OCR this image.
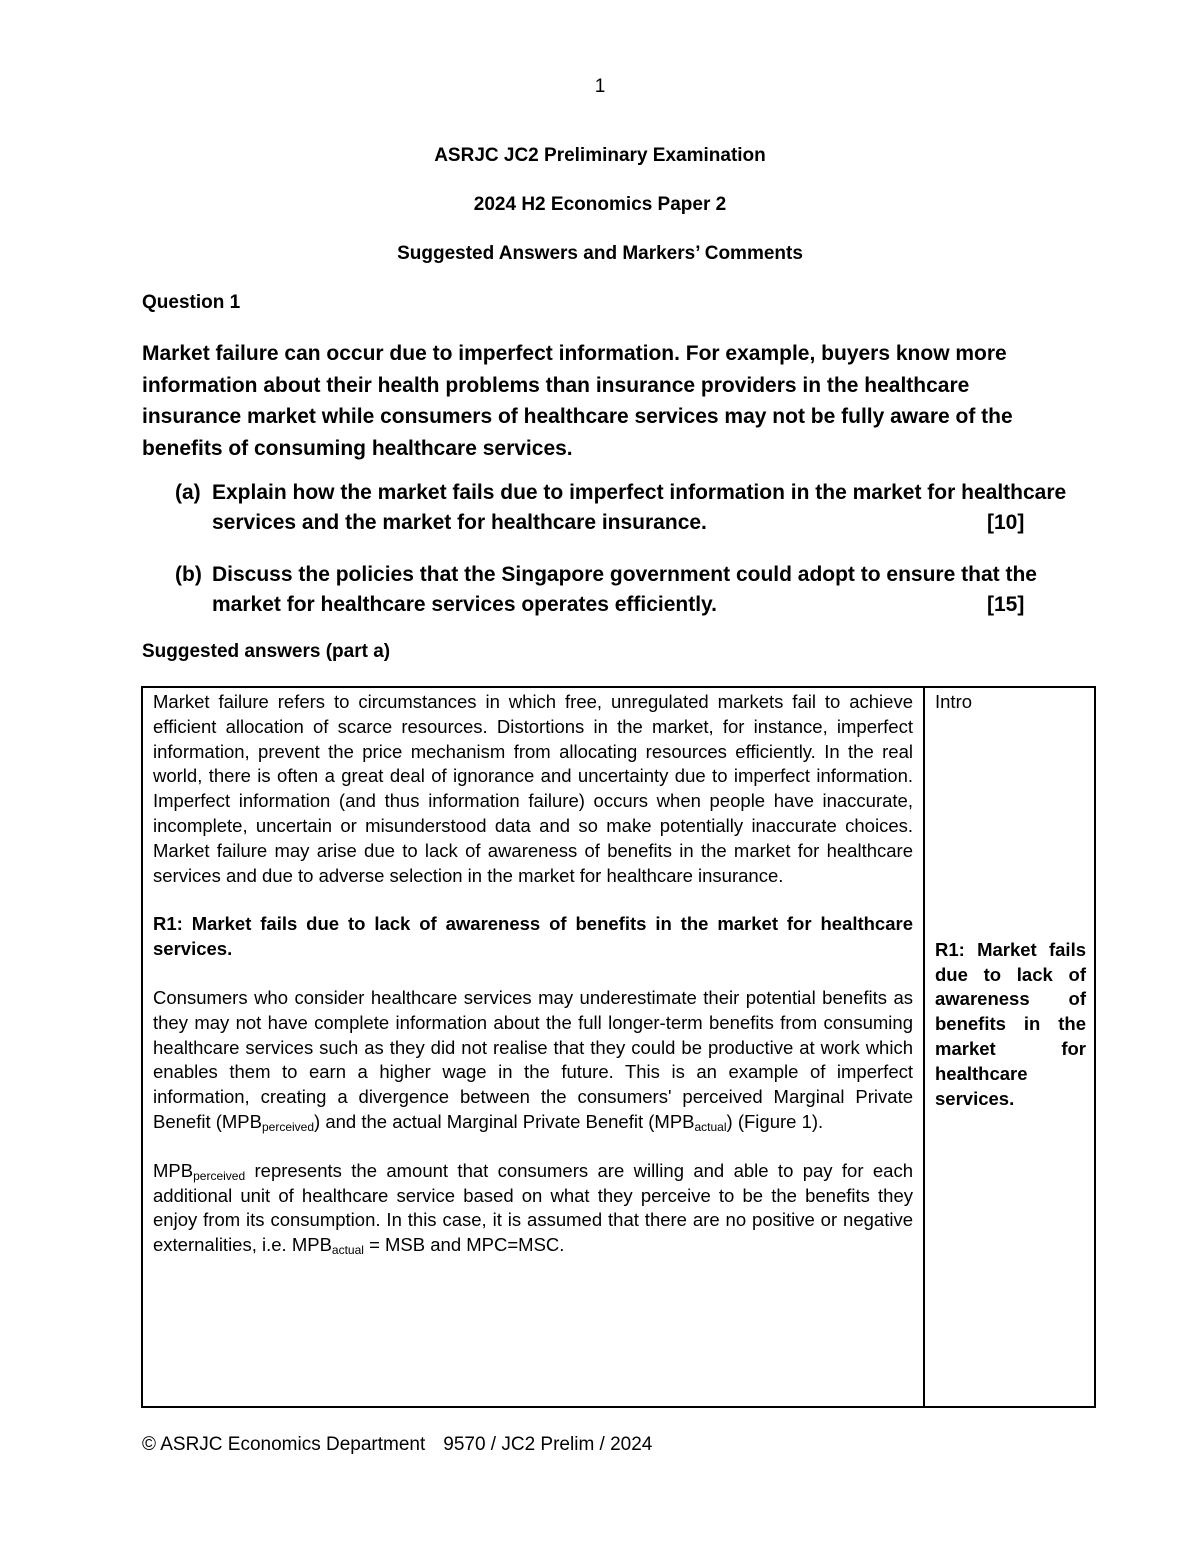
1
ASRJC JC2 Preliminary Examination
2024 H2 Economics Paper 2
Suggested Answers and Markers’ Comments
Question 1
Market failure can occur due to imperfect information. For example, buyers know more information about their health problems than insurance providers in the healthcare insurance market while consumers of healthcare services may not be fully aware of the benefits of consuming healthcare services.
(a) Explain how the market fails due to imperfect information in the market for healthcare services and the market for healthcare insurance.	[10]
(b) Discuss the policies that the Singapore government could adopt to ensure that the market for healthcare services operates efficiently.	[15]
Suggested answers (part a)

Market failure refers to circumstances in which free, unregulated markets fail to achieve efficient allocation of scarce resources. Distortions in the market, for instance, imperfect information, prevent the price mechanism from allocating resources efficiently. In the real world, there is often a great deal of ignorance and uncertainty due to imperfect information. Imperfect information (and thus information failure) occurs when people have inaccurate, incomplete, uncertain or misunderstood data and so make potentially inaccurate choices. Market failure may arise due to lack of awareness of benefits in the market for healthcare services and due to adverse selection in the market for healthcare insurance.

R1: Market fails due to lack of awareness of benefits in the market for healthcare services.

Consumers who consider healthcare services may underestimate their potential benefits as they may not have complete information about the full longer-term benefits from consuming healthcare services such as they did not realise that they could be productive at work which enables them to earn a higher wage in the future. This is an example of imperfect information, creating a divergence between the consumers' perceived Marginal Private Benefit $(MPB_{perceived})$ and the actual Marginal Private Benefit $(MPB_{actual})$ (Figure 1).

$MPB_{perceived}$ represents the amount that consumers are willing and able to pay for each additional unit of healthcare service based on what they perceive to be the benefits they enjoy from its consumption. In this case, it is assumed that there are no positive or negative externalities, i.e. $MPB_{actual}$ = MSB and MPC=MSC.

Intro

R1: Market fails due to lack of awareness of benefits in the market for healthcare services.

© ASRJC Economics Department 9570 / JC2 Prelim / 2024
